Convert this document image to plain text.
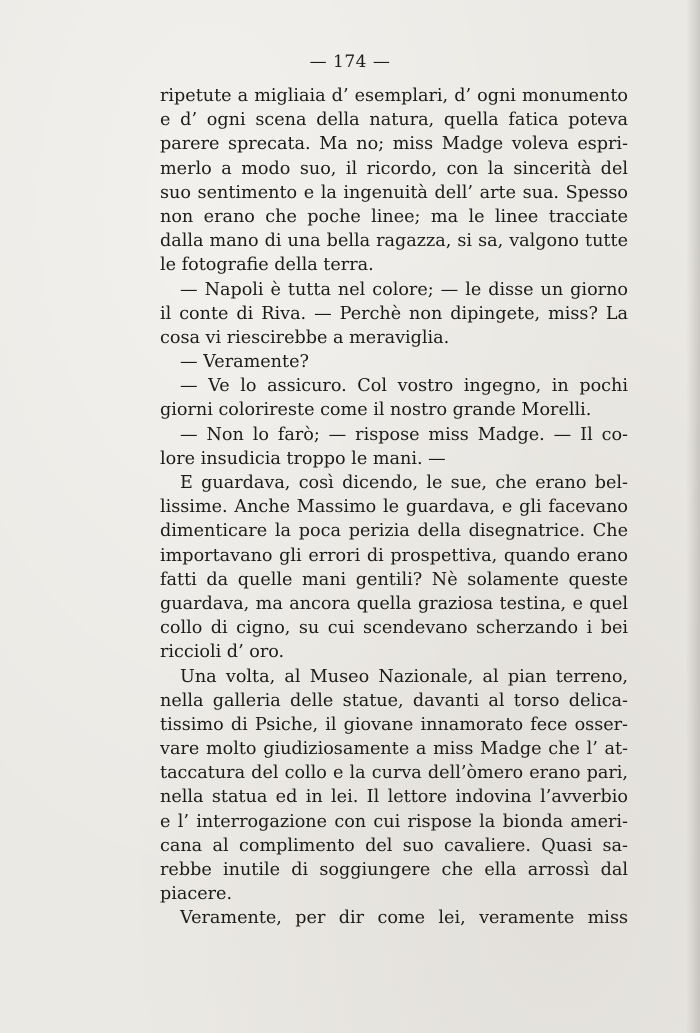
— 174 —
ripetute a migliaia d’ esemplari, d’ ogni monumento
e d’ ogni scena della natura, quella fatica poteva
parere sprecata. Ma no; miss Madge voleva espri-
merlo a modo suo, il ricordo, con la sincerità del
suo sentimento e la ingenuità dell’ arte sua. Spesso
non erano che poche linee; ma le linee tracciate
dalla mano di una bella ragazza, si sa, valgono tutte
le fotografie della terra.
— Napoli è tutta nel colore; — le disse un giorno
il conte di Riva. — Perchè non dipingete, miss? La
cosa vi riescirebbe a meraviglia.
— Veramente?
— Ve lo assicuro. Col vostro ingegno, in pochi
giorni colorireste come il nostro grande Morelli.
— Non lo farò; — rispose miss Madge. — Il co-
lore insudicia troppo le mani. —
E guardava, così dicendo, le sue, che erano bel-
lissime. Anche Massimo le guardava, e gli facevano
dimenticare la poca perizia della disegnatrice. Che
importavano gli errori di prospettiva, quando erano
fatti da quelle mani gentili? Nè solamente queste
guardava, ma ancora quella graziosa testina, e quel
collo di cigno, su cui scendevano scherzando i bei
riccioli d’ oro.
Una volta, al Museo Nazionale, al pian terreno,
nella galleria delle statue, davanti al torso delica-
tissimo di Psiche, il giovane innamorato fece osser-
vare molto giudiziosamente a miss Madge che l’ at-
taccatura del collo e la curva dell’òmero erano pari,
nella statua ed in lei. Il lettore indovina l’avverbio
e l’ interrogazione con cui rispose la bionda ameri-
cana al complimento del suo cavaliere. Quasi sa-
rebbe inutile di soggiungere che ella arrossì dal
piacere.
Veramente, per dir come lei, veramente miss
